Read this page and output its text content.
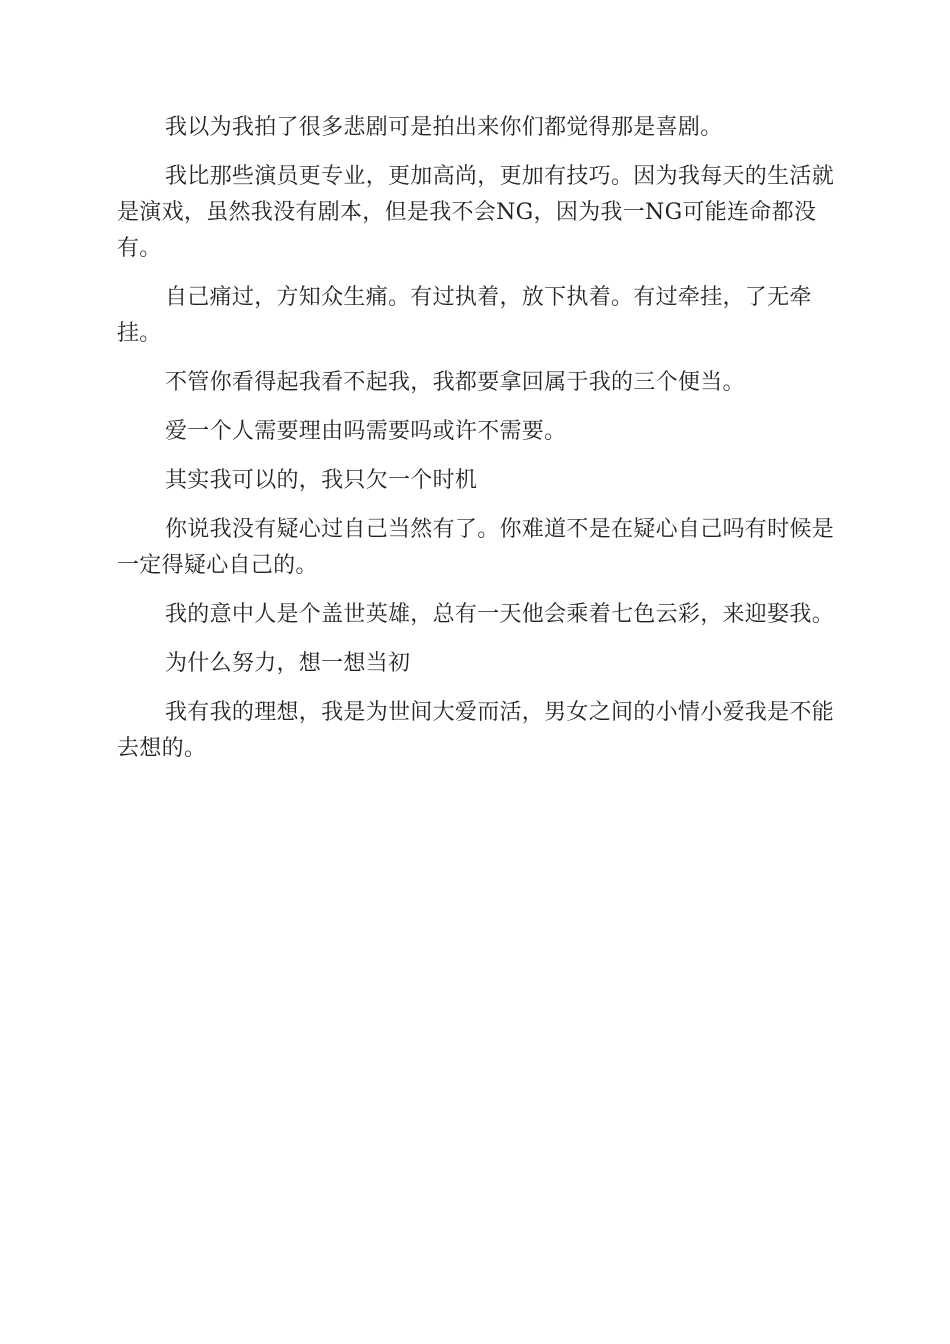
我以为我拍了很多悲剧可是拍出来你们都觉得那是喜剧。

我比那些演员更专业，更加高尚，更加有技巧。因为我每天的生活就是演戏，虽然我没有剧本，但是我不会NG，因为我一NG可能连命都没有。

自己痛过，方知众生痛。有过执着，放下执着。有过牵挂，了无牵挂。

不管你看得起我看不起我，我都要拿回属于我的三个便当。

爱一个人需要理由吗需要吗或许不需要。

其实我可以的，我只欠一个时机

你说我没有疑心过自己当然有了。你难道不是在疑心自己吗有时候是一定得疑心自己的。

我的意中人是个盖世英雄，总有一天他会乘着七色云彩，来迎娶我。

为什么努力，想一想当初

我有我的理想，我是为世间大爱而活，男女之间的小情小爱我是不能去想的。
